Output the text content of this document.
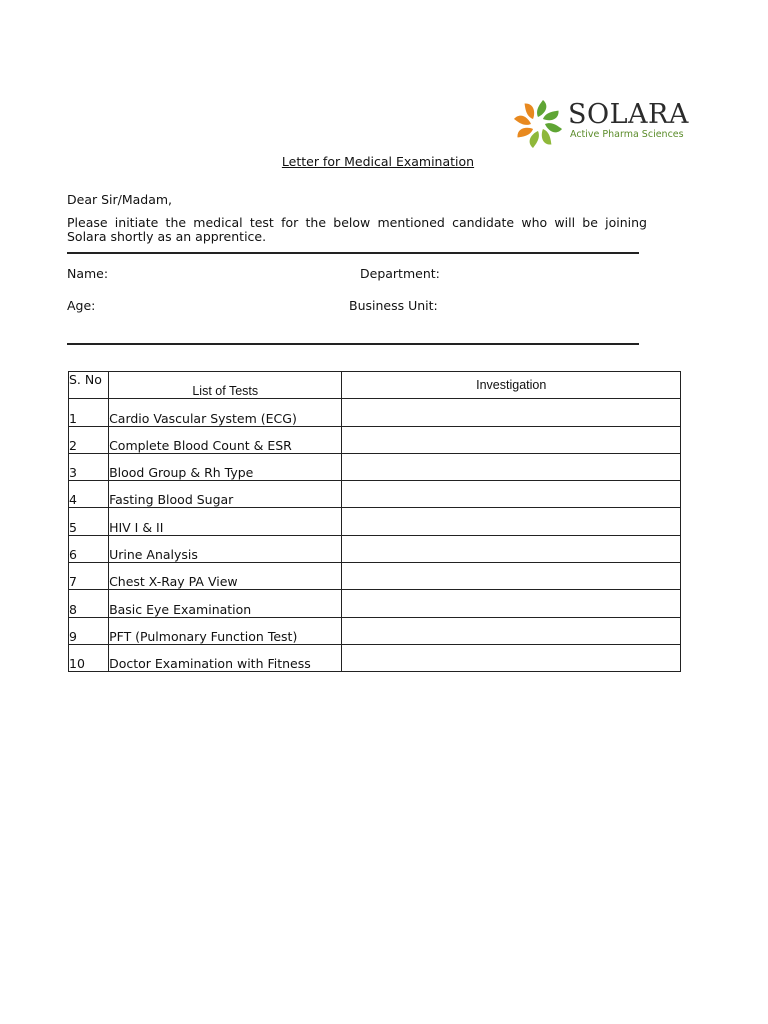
SOLARA
Active Pharma Sciences
Letter for Medical Examination
Dear Sir/Madam,
Please initiate the medical test for the below mentioned candidate who will be joining Solara shortly as an apprentice.
Name:	Department:
Age:	Business Unit:
S. No	List of Tests	Investigation
1	Cardio Vascular System (ECG)	
2	Complete Blood Count & ESR	
3	Blood Group & Rh Type	
4	Fasting Blood Sugar	
5	HIV I & II	
6	Urine Analysis	
7	Chest X-Ray PA View	
8	Basic Eye Examination	
9	PFT (Pulmonary Function Test)	
10	Doctor Examination with Fitness	
